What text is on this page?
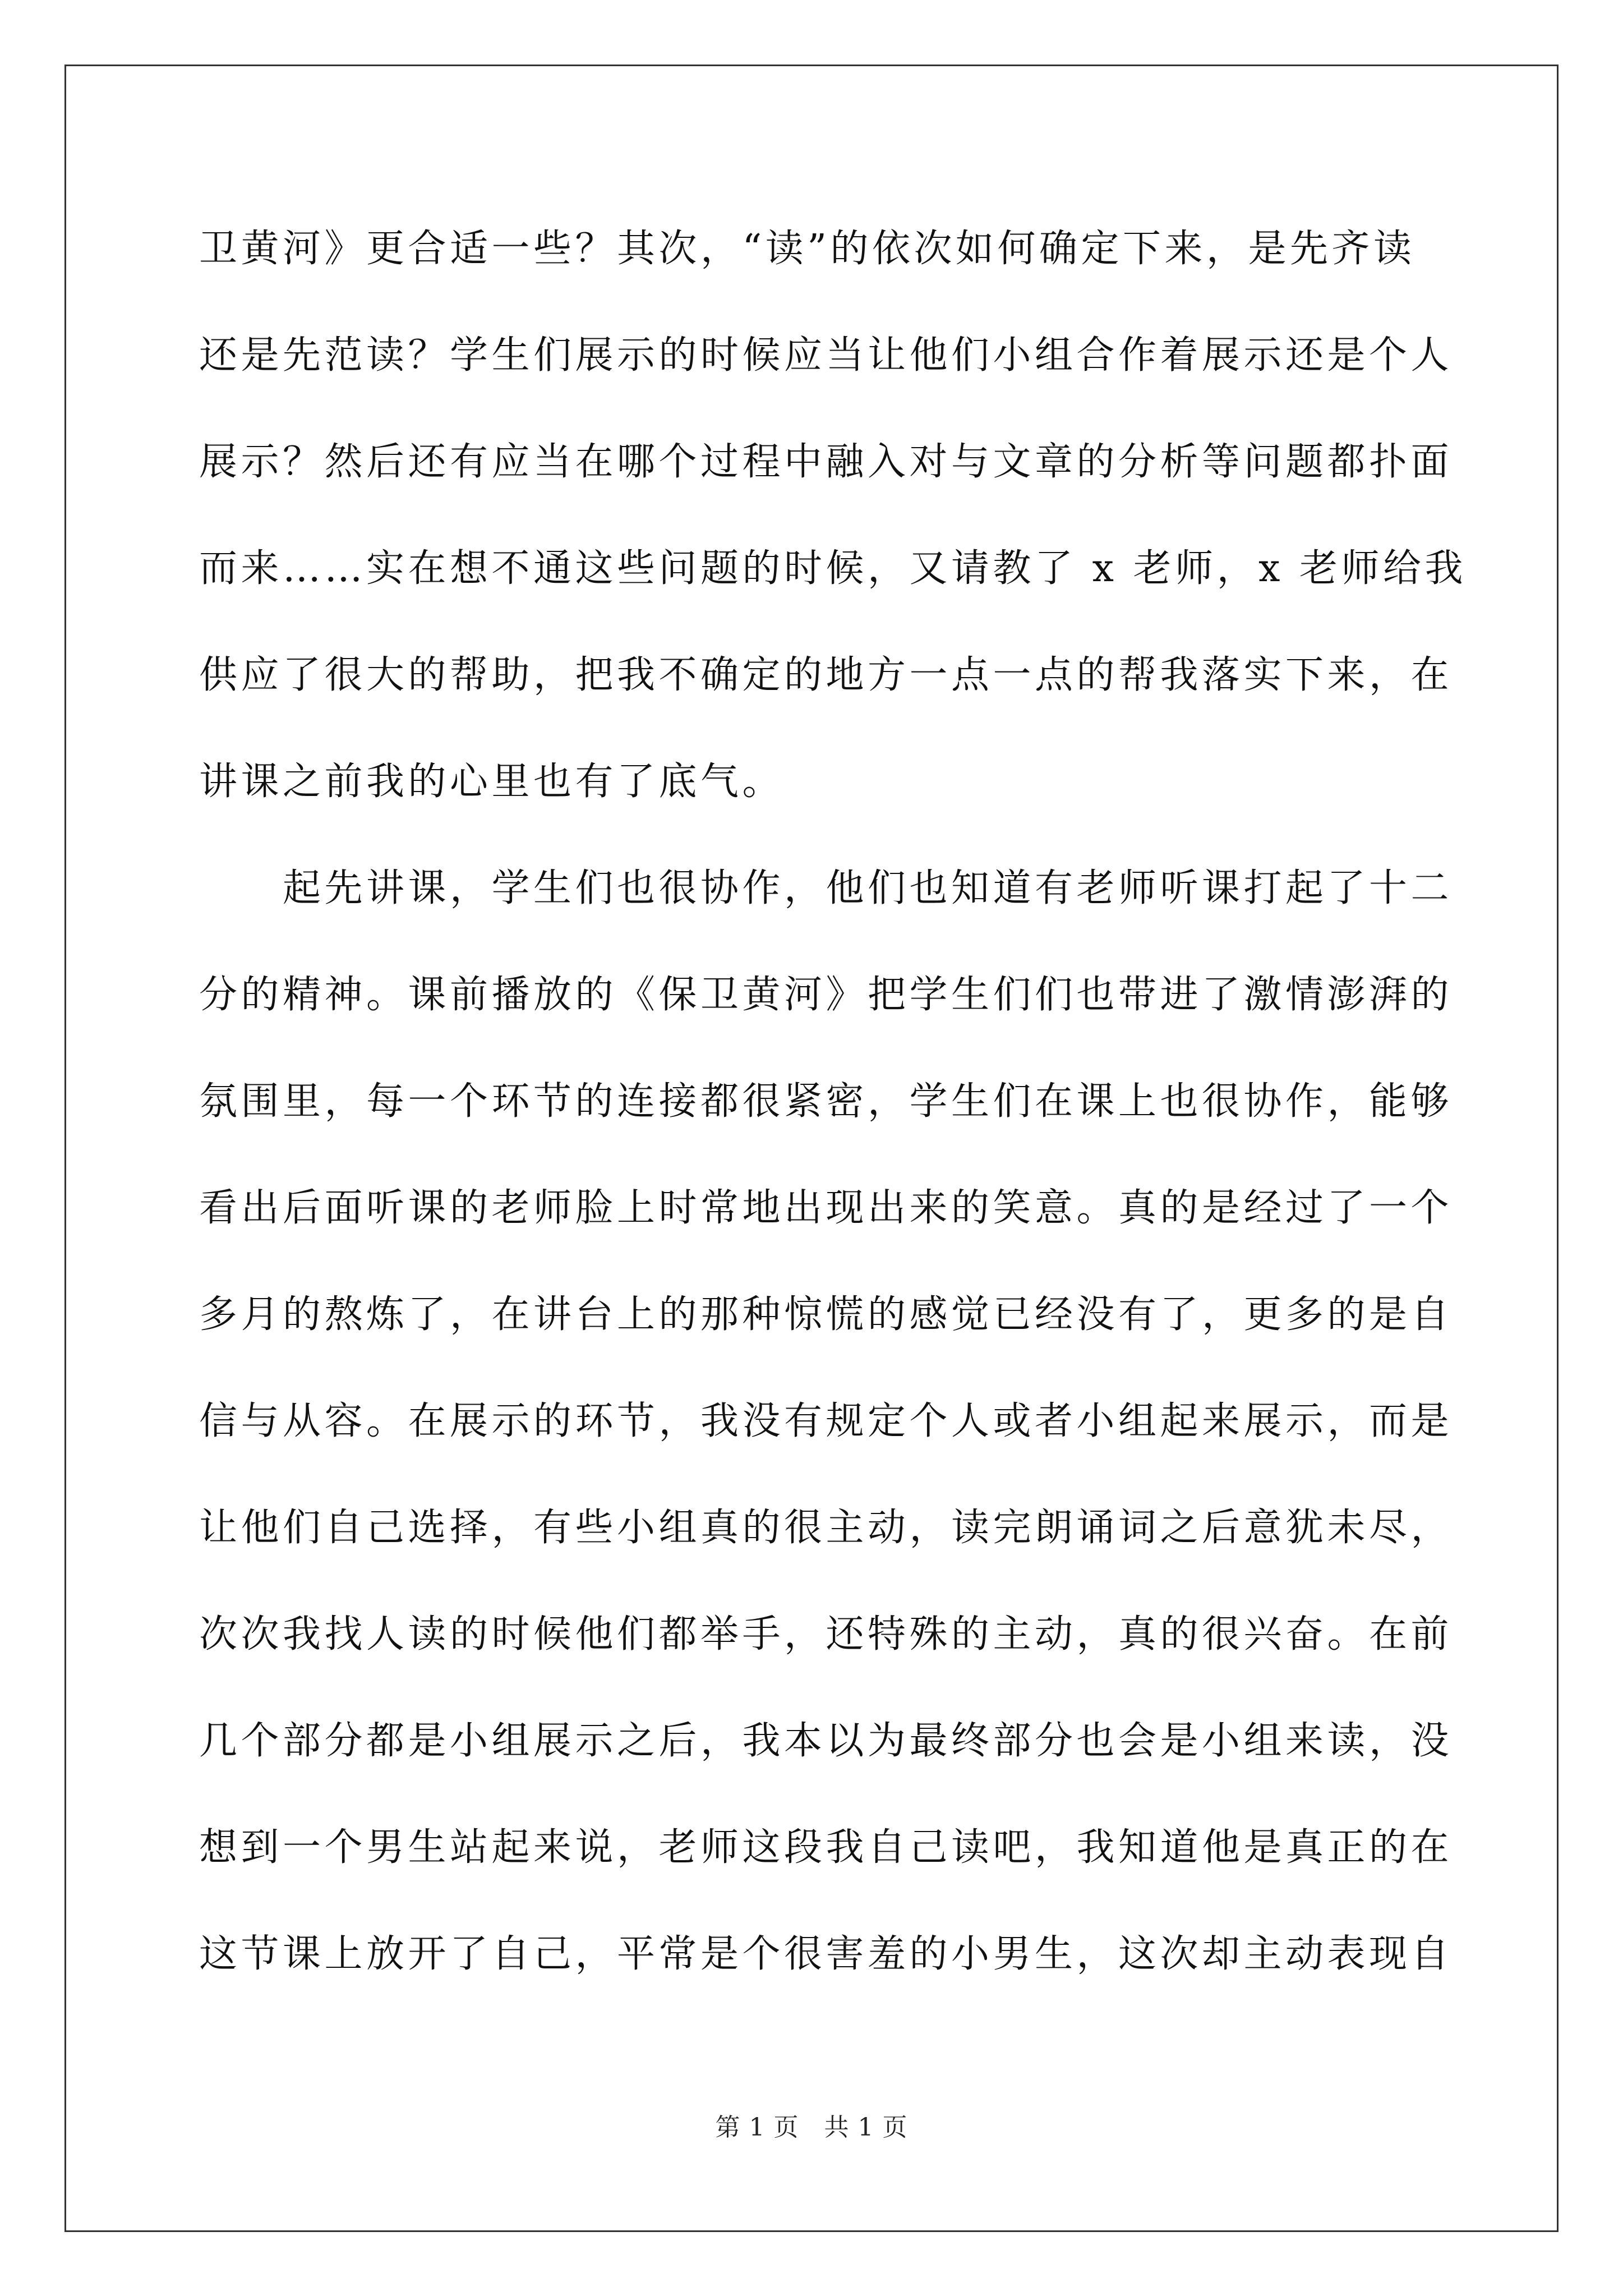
卫黄河》更合适一些？其次，“读”的依次如何确定下来，是先齐读
还是先范读？学生们展示的时候应当让他们小组合作着展示还是个人
展示？然后还有应当在哪个过程中融入对与文章的分析等问题都扑面
而来……实在想不通这些问题的时候，又请教了 x 老师，x 老师给我
供应了很大的帮助，把我不确定的地方一点一点的帮我落实下来，在
讲课之前我的心里也有了底气。
　　起先讲课，学生们也很协作，他们也知道有老师听课打起了十二
分的精神。课前播放的《保卫黄河》把学生们们也带进了激情澎湃的
氛围里，每一个环节的连接都很紧密，学生们在课上也很协作，能够
看出后面听课的老师脸上时常地出现出来的笑意。真的是经过了一个
多月的熬炼了，在讲台上的那种惊慌的感觉已经没有了，更多的是自
信与从容。在展示的环节，我没有规定个人或者小组起来展示，而是
让他们自己选择，有些小组真的很主动，读完朗诵词之后意犹未尽，
次次我找人读的时候他们都举手，还特殊的主动，真的很兴奋。在前
几个部分都是小组展示之后，我本以为最终部分也会是小组来读，没
想到一个男生站起来说，老师这段我自己读吧，我知道他是真正的在
这节课上放开了自己，平常是个很害羞的小男生，这次却主动表现自
第 1 页　共 1 页
